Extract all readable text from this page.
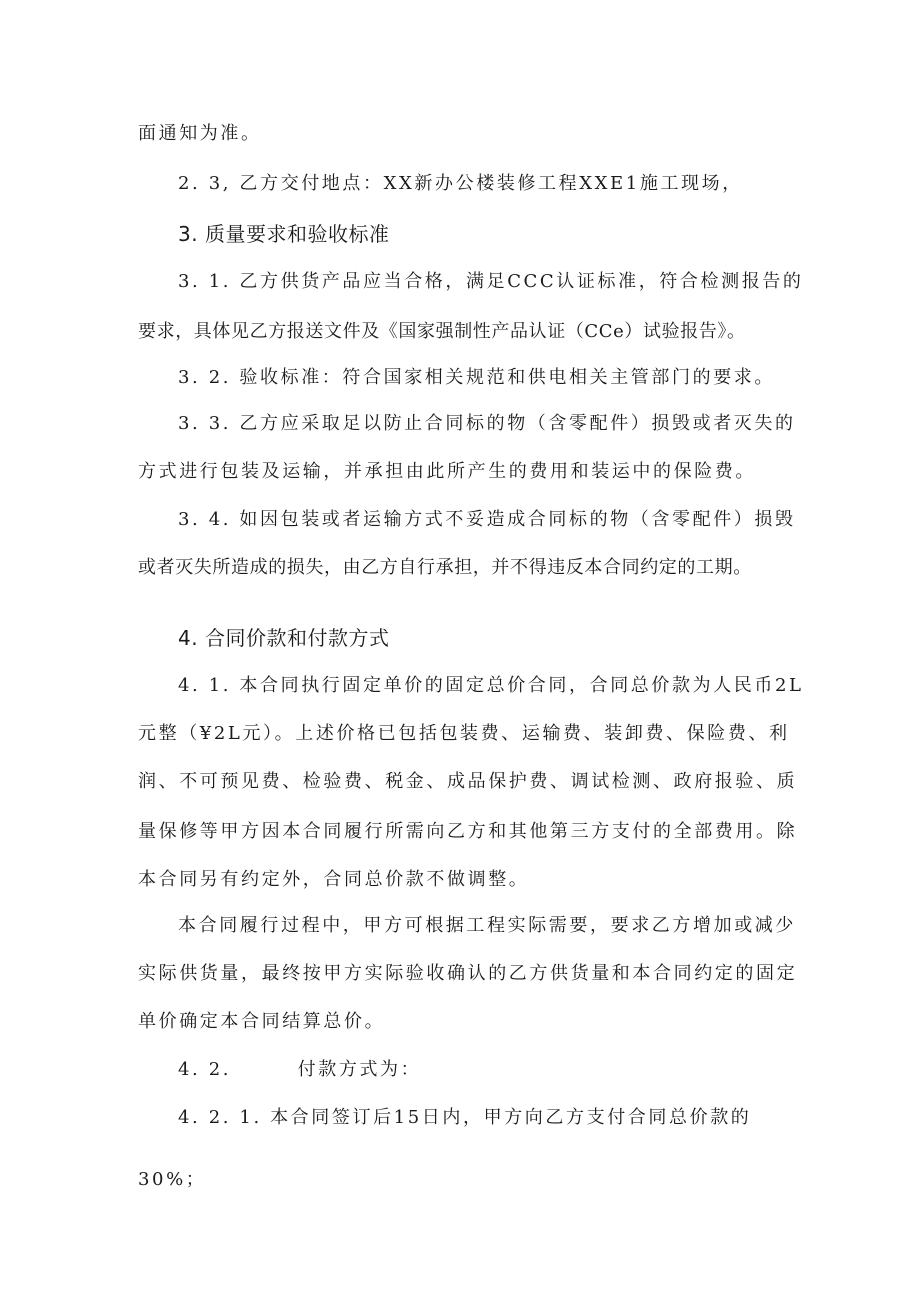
面通知为准。
2. 3, 乙方交付地点：XX新办公楼装修工程XXE1施工现场，
3. 质量要求和验收标准
3. 1. 乙方供货产品应当合格，满足CCC认证标准，符合检测报告的
要求，具体见乙方报送文件及《国家强制性产品认证（CCe）试验报告》。
3. 2. 验收标准：符合国家相关规范和供电相关主管部门的要求。
3. 3. 乙方应采取足以防止合同标的物（含零配件）损毁或者灭失的
方式进行包装及运输，并承担由此所产生的费用和装运中的保险费。
3. 4. 如因包装或者运输方式不妥造成合同标的物（含零配件）损毁
或者灭失所造成的损失，由乙方自行承担，并不得违反本合同约定的工期。
4. 合同价款和付款方式
4. 1. 本合同执行固定单价的固定总价合同，合同总价款为人民币2L
元整（¥2L元）。上述价格已包括包装费、运输费、装卸费、保险费、利
润、不可预见费、检验费、税金、成品保护费、调试检测、政府报验、质
量保修等甲方因本合同履行所需向乙方和其他第三方支付的全部费用。除
本合同另有约定外，合同总价款不做调整。
本合同履行过程中，甲方可根据工程实际需要，要求乙方增加或减少
实际供货量，最终按甲方实际验收确认的乙方供货量和本合同约定的固定
单价确定本合同结算总价。
4. 2.        付款方式为：
4. 2. 1. 本合同签订后15日内，甲方向乙方支付合同总价款的
30%；
